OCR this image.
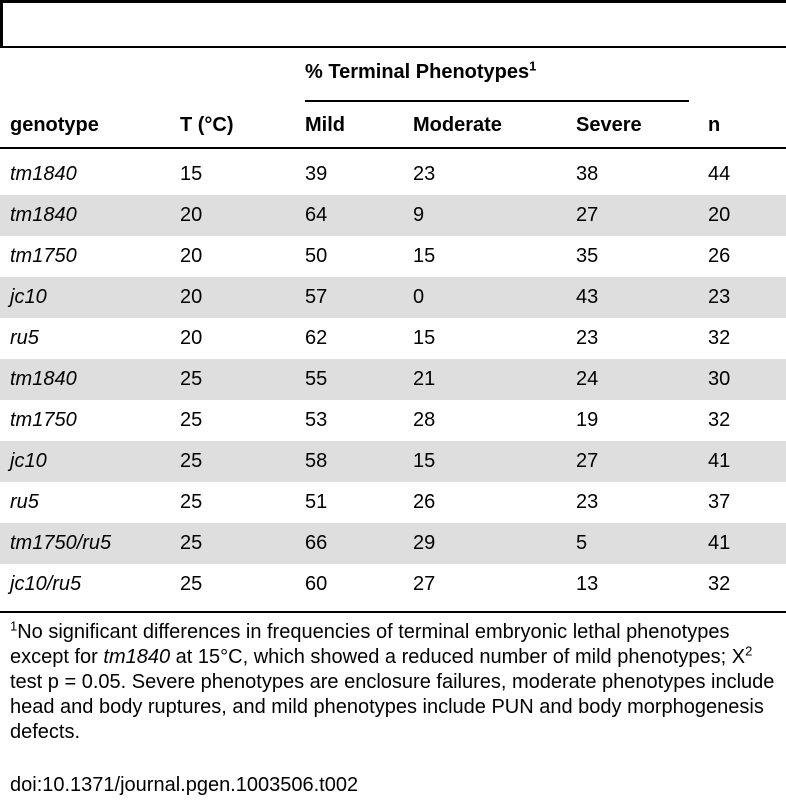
% Terminal Phenotypes$^1$
genotype	T (°C)	Mild	Moderate	Severe	n
tm1840	15	39	23	38	44
tm1840	20	64	9	27	20
tm1750	20	50	15	35	26
jc10	20	57	0	43	23
ru5	20	62	15	23	32
tm1840	25	55	21	24	30
tm1750	25	53	28	19	32
jc10	25	58	15	27	41
ru5	25	51	26	23	37
tm1750/ru5	25	66	29	5	41
jc10/ru5	25	60	27	13	32

$^1$No significant differences in frequencies of terminal embryonic lethal phenotypes except for tm1840 at 15°C, which showed a reduced number of mild phenotypes; $X^2$ test p = 0.05. Severe phenotypes are enclosure failures, moderate phenotypes include head and body ruptures, and mild phenotypes include PUN and body morphogenesis defects.

doi:10.1371/journal.pgen.1003506.t002
